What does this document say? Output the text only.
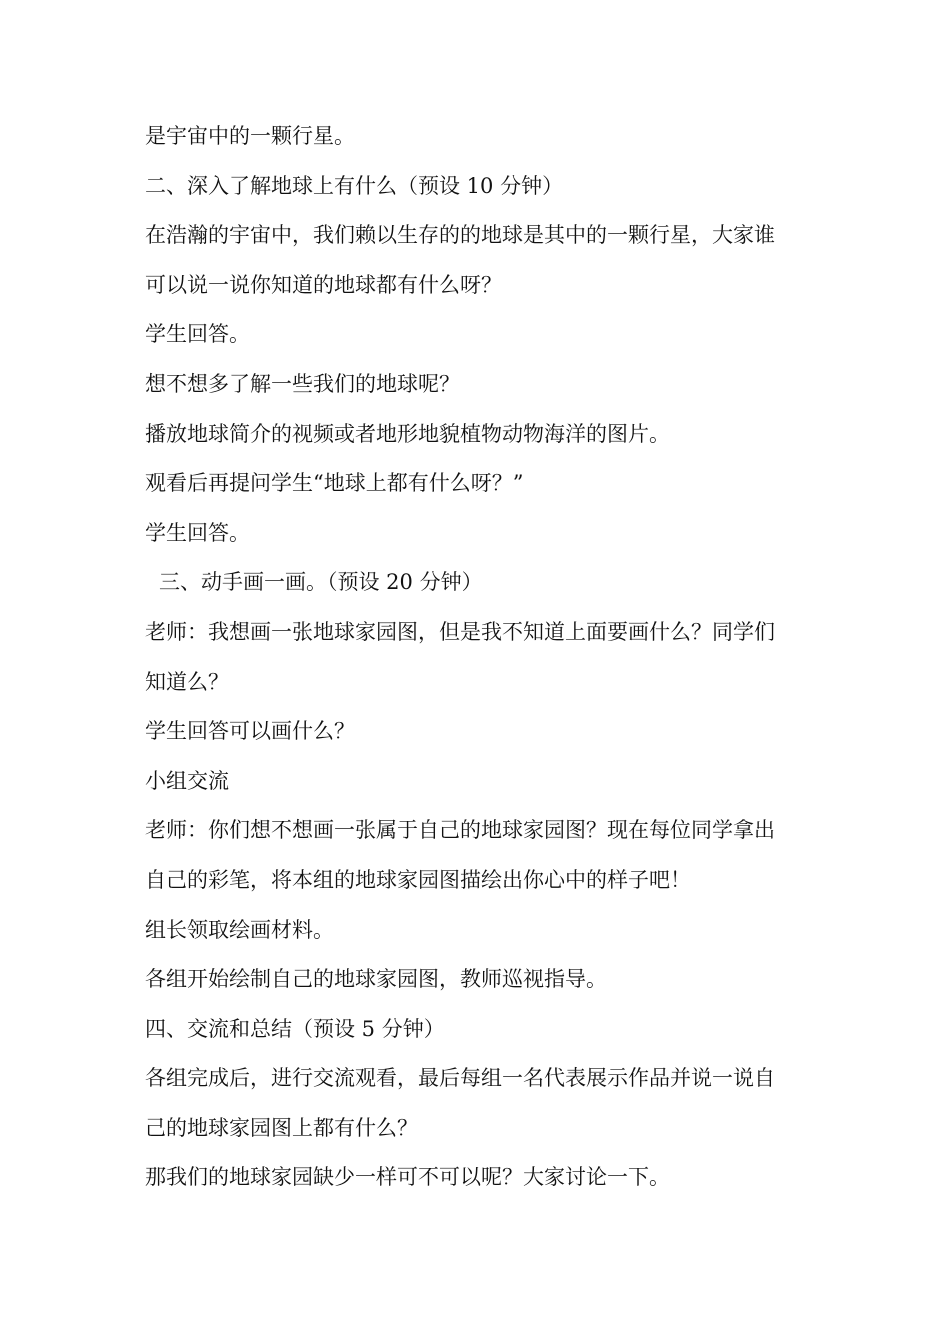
是宇宙中的一颗行星。

二、深入了解地球上有什么（预设 10 分钟）

在浩瀚的宇宙中，我们赖以生存的的地球是其中的一颗行星，大家谁

可以说一说你知道的地球都有什么呀？

学生回答。

想不想多了解一些我们的地球呢？

播放地球简介的视频或者地形地貌植物动物海洋的图片。

观看后再提问学生“地球上都有什么呀？”

学生回答。

三、动手画一画。（预设 20 分钟）

老师：我想画一张地球家园图，但是我不知道上面要画什么？同学们

知道么？

学生回答可以画什么？

小组交流

老师：你们想不想画一张属于自己的地球家园图？现在每位同学拿出

自己的彩笔，将本组的地球家园图描绘出你心中的样子吧！

组长领取绘画材料。

各组开始绘制自己的地球家园图，教师巡视指导。

四、交流和总结（预设 5 分钟）

各组完成后，进行交流观看，最后每组一名代表展示作品并说一说自

己的地球家园图上都有什么？

那我们的地球家园缺少一样可不可以呢？大家讨论一下。
